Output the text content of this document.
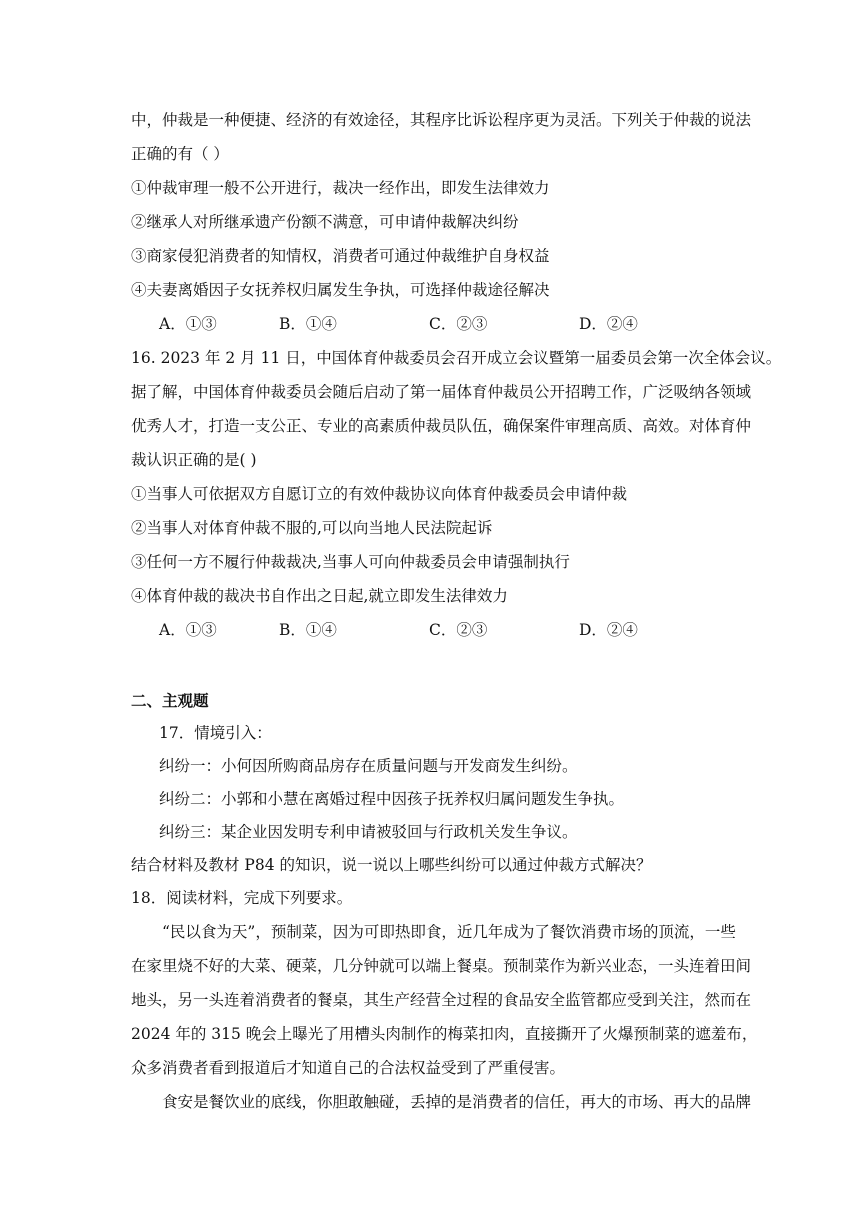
中，仲裁是一种便捷、经济的有效途径，其程序比诉讼程序更为灵活。下列关于仲裁的说法
正确的有（ ）
①仲裁审理一般不公开进行，裁决一经作出，即发生法律效力
②继承人对所继承遗产份额不满意，可申请仲裁解决纠纷
③商家侵犯消费者的知情权，消费者可通过仲裁维护自身权益
④夫妻离婚因子女抚养权归属发生争执，可选择仲裁途径解决
A．①③	B．①④	C．②③	D．②④
16. 2023 年 2 月 11 日，中国体育仲裁委员会召开成立会议暨第一届委员会第一次全体会议。
据了解，中国体育仲裁委员会随后启动了第一届体育仲裁员公开招聘工作，广泛吸纳各领域
优秀人才，打造一支公正、专业的高素质仲裁员队伍，确保案件审理高质、高效。对体育仲
裁认识正确的是( )
①当事人可依据双方自愿订立的有效仲裁协议向体育仲裁委员会申请仲裁
②当事人对体育仲裁不服的,可以向当地人民法院起诉
③任何一方不履行仲裁裁决,当事人可向仲裁委员会申请强制执行
④体育仲裁的裁决书自作出之日起,就立即发生法律效力
A．①③	B．①④	C．②③	D．②④
二、主观题
17．情境引入：
纠纷一：小何因所购商品房存在质量问题与开发商发生纠纷。
纠纷二：小郭和小慧在离婚过程中因孩子抚养权归属问题发生争执。
纠纷三：某企业因发明专利申请被驳回与行政机关发生争议。
结合材料及教材 P84 的知识，说一说以上哪些纠纷可以通过仲裁方式解决？
18．阅读材料，完成下列要求。
“民以食为天”，预制菜，因为可即热即食，近几年成为了餐饮消费市场的顶流，一些
在家里烧不好的大菜、硬菜，几分钟就可以端上餐桌。预制菜作为新兴业态，一头连着田间
地头，另一头连着消费者的餐桌，其生产经营全过程的食品安全监管都应受到关注，然而在
2024 年的 315 晚会上曝光了用槽头肉制作的梅菜扣肉，直接撕开了火爆预制菜的遮羞布，
众多消费者看到报道后才知道自己的合法权益受到了严重侵害。
食安是餐饮业的底线，你胆敢触碰，丢掉的是消费者的信任，再大的市场、再大的品牌
